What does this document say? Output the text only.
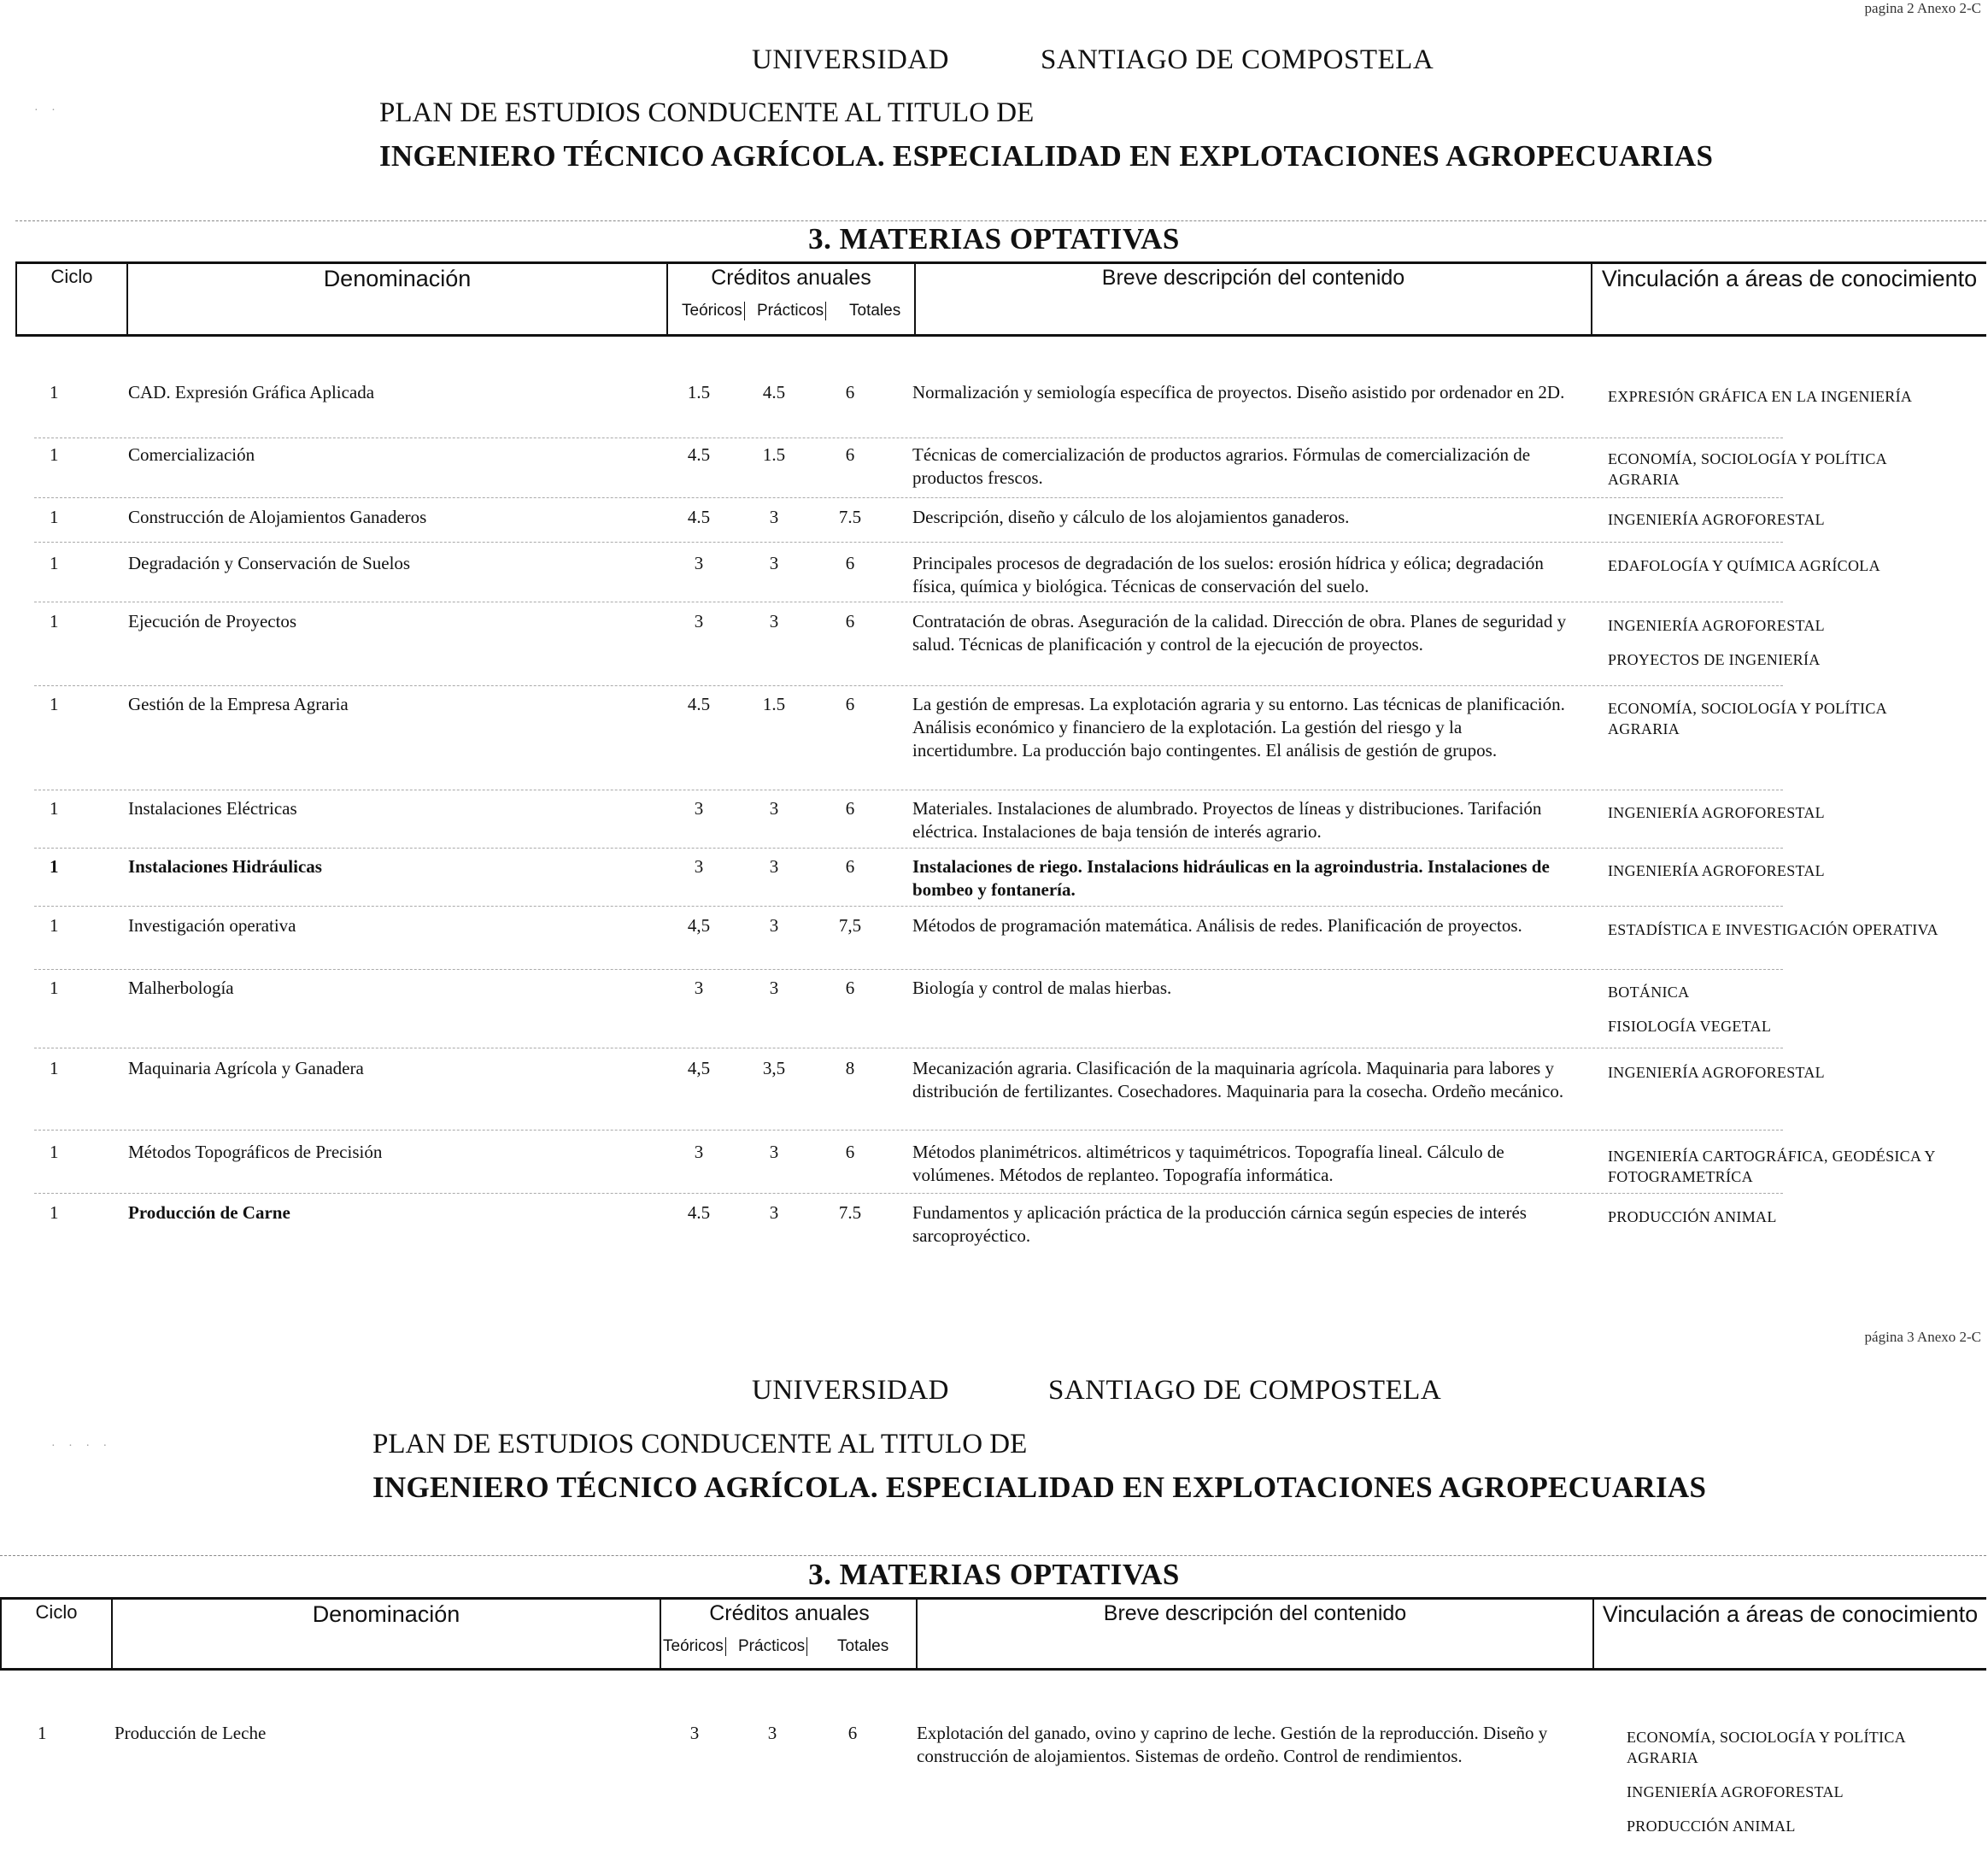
pagina 2 Anexo 2-C
UNIVERSIDAD	SANTIAGO DE COMPOSTELA
· ·	PLAN DE ESTUDIOS CONDUCENTE AL TITULO DE
INGENIERO TÉCNICO AGRÍCOLA. ESPECIALIDAD EN EXPLOTACIONES AGROPECUARIAS
3. MATERIAS OPTATIVAS
Ciclo	Denominación	Créditos anuales
Teóricos Prácticos Totales
Breve descripción del contenido	Vinculación a áreas de conocimiento
1	CAD. Expresión Gráfica Aplicada	1.5	4.5	6	Normalización y semiología específica de proyectos. Diseño asistido por ordenador en 2D.	EXPRESIÓN GRÁFICA EN LA INGENIERÍA
1	Comercialización	4.5	1.5	6	Técnicas de comercialización de productos agrarios. Fórmulas de comercialización de productos frescos.
ECONOMÍA, SOCIOLOGÍA Y POLÍTICA AGRARIA
1	Construcción de Alojamientos Ganaderos	4.5	3	7.5	Descripción, diseño y cálculo de los alojamientos ganaderos.	INGENIERÍA AGROFORESTAL
1	Degradación y Conservación de Suelos	3	3	6	Principales procesos de degradación de los suelos: erosión hídrica y eólica; degradación física, química y biológica. Técnicas de conservación del suelo.
EDAFOLOGÍA Y QUÍMICA AGRÍCOLA
1	Ejecución de Proyectos	3	3	6	Contratación de obras. Aseguración de la calidad. Dirección de obra. Planes de seguridad y salud. Técnicas de planificación y control de la ejecución de proyectos.
INGENIERÍA AGROFORESTAL
PROYECTOS DE INGENIERÍA
1	Gestión de la Empresa Agraria	4.5	1.5	6	La gestión de empresas. La explotación agraria y su entorno. Las técnicas de planificación. Análisis económico y financiero de la explotación. La gestión del riesgo y la incertidumbre. La producción bajo contingentes. El análisis de gestión de grupos.
ECONOMÍA, SOCIOLOGÍA Y POLÍTICA AGRARIA
1	Instalaciones Eléctricas	3	3	6	Materiales. Instalaciones de alumbrado. Proyectos de líneas y distribuciones. Tarifación eléctrica. Instalaciones de baja tensión de interés agrario.
INGENIERÍA AGROFORESTAL
1	Instalaciones Hidráulicas	3	3	6	Instalaciones de riego. Instalacions hidráulicas en la agroindustria. Instalaciones de bombeo y fontanería.
INGENIERÍA AGROFORESTAL
1	Investigación operativa	4,5	3	7,5	Métodos de programación matemática. Análisis de redes. Planificación de proyectos.	ESTADÍSTICA E INVESTIGACIÓN OPERATIVA
1	Malherbología	3	3	6	Biología y control de malas hierbas.	BOTÁNICA
FISIOLOGÍA VEGETAL
1	Maquinaria Agrícola y Ganadera	4,5	3,5	8	Mecanización agraria. Clasificación de la maquinaria agrícola. Maquinaria para labores y distribución de fertilizantes. Cosechadores. Maquinaria para la cosecha. Ordeño mecánico.
INGENIERÍA AGROFORESTAL
1	Métodos Topográficos de Precisión	3	3	6	Métodos planimétricos. altimétricos y taquimétricos. Topografía lineal. Cálculo de volúmenes. Métodos de replanteo. Topografía informática.
INGENIERÍA CARTOGRÁFICA, GEODÉSICA Y FOTOGRAMETRÍCA
1	Producción de Carne	4.5	3	7.5	Fundamentos y aplicación práctica de la producción cárnica según especies de interés sarcoproyéctico.
PRODUCCIÓN ANIMAL
página 3 Anexo 2-C
UNIVERSIDAD	SANTIAGO DE COMPOSTELA
· · · ·	PLAN DE ESTUDIOS CONDUCENTE AL TITULO DE
INGENIERO TÉCNICO AGRÍCOLA. ESPECIALIDAD EN EXPLOTACIONES AGROPECUARIAS
3. MATERIAS OPTATIVAS
Ciclo	Denominación	Créditos anuales
Teóricos Prácticos Totales
Breve descripción del contenido	Vinculación a áreas de conocimiento
1	Producción de Leche	3	3	6	Explotación del ganado, ovino y caprino de leche. Gestión de la reproducción. Diseño y construcción de alojamientos. Sistemas de ordeño. Control de rendimientos.
ECONOMÍA, SOCIOLOGÍA Y POLÍTICA AGRARIA
INGENIERÍA AGROFORESTAL
PRODUCCIÓN ANIMAL
